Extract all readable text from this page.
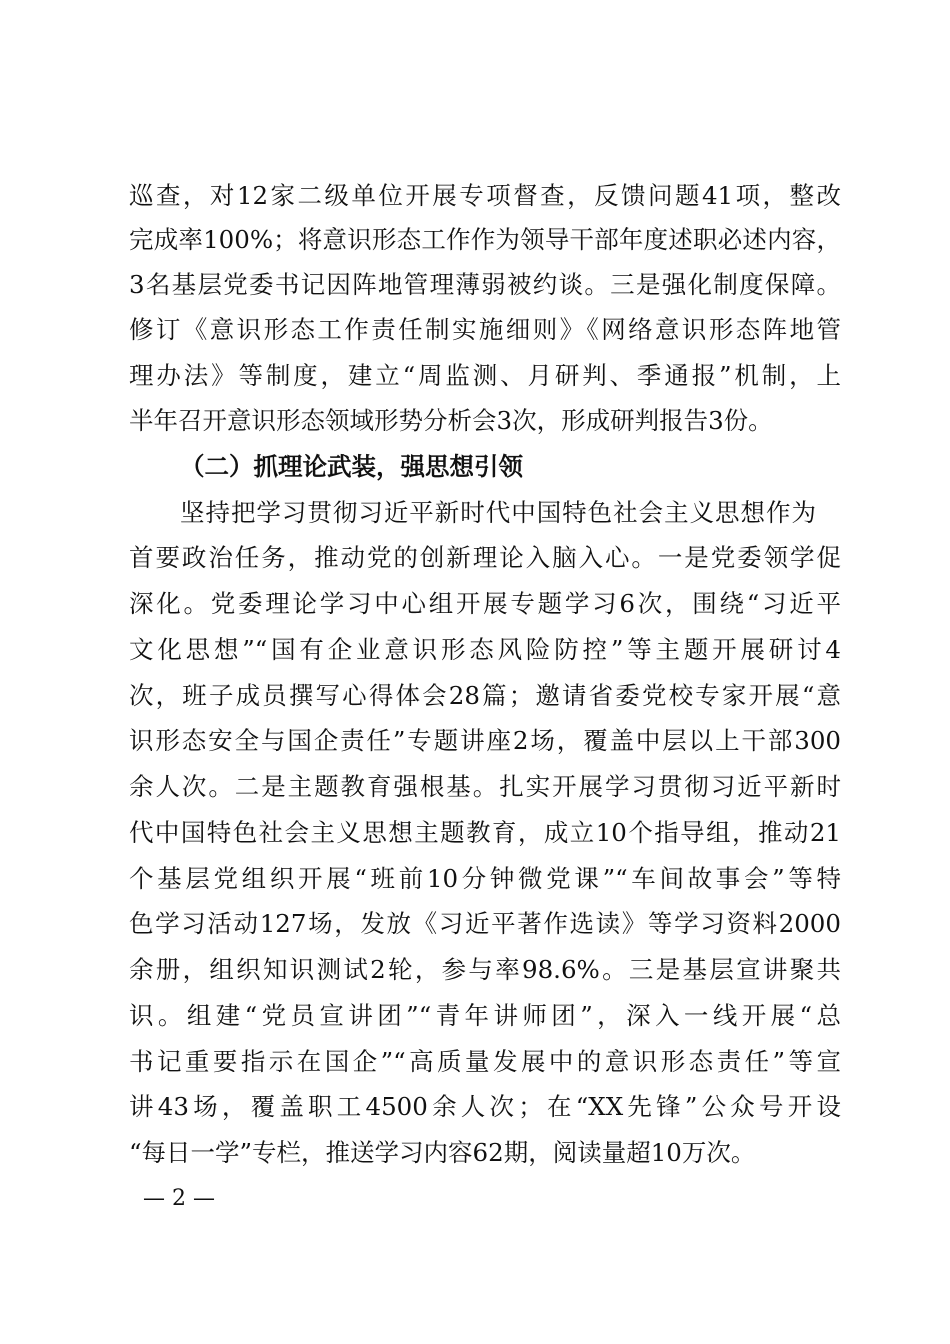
巡查，对12家二级单位开展专项督查，反馈问题41项，整改
完成率100%；将意识形态工作作为领导干部年度述职必述内容，
3名基层党委书记因阵地管理薄弱被约谈。三是强化制度保障。
修订《意识形态工作责任制实施细则》《网络意识形态阵地管
理办法》等制度，建立“周监测、月研判、季通报”机制，上
半年召开意识形态领域形势分析会3次，形成研判报告3份。
（二）抓理论武装，强思想引领
坚持把学习贯彻习近平新时代中国特色社会主义思想作为
首要政治任务，推动党的创新理论入脑入心。一是党委领学促
深化。党委理论学习中心组开展专题学习6次，围绕“习近平
文化思想”“国有企业意识形态风险防控”等主题开展研讨4
次，班子成员撰写心得体会28篇；邀请省委党校专家开展“意
识形态安全与国企责任”专题讲座2场，覆盖中层以上干部300
余人次。二是主题教育强根基。扎实开展学习贯彻习近平新时
代中国特色社会主义思想主题教育，成立10个指导组，推动21
个基层党组织开展“班前10分钟微党课”“车间故事会”等特
色学习活动127场，发放《习近平著作选读》等学习资料2000
余册，组织知识测试2轮，参与率98.6%。三是基层宣讲聚共
识。组建“党员宣讲团”“青年讲师团”，深入一线开展“总
书记重要指示在国企”“高质量发展中的意识形态责任”等宣
讲43场，覆盖职工4500余人次；在“XX先锋”公众号开设
“每日一学”专栏，推送学习内容62期，阅读量超10万次。
— 2 —
